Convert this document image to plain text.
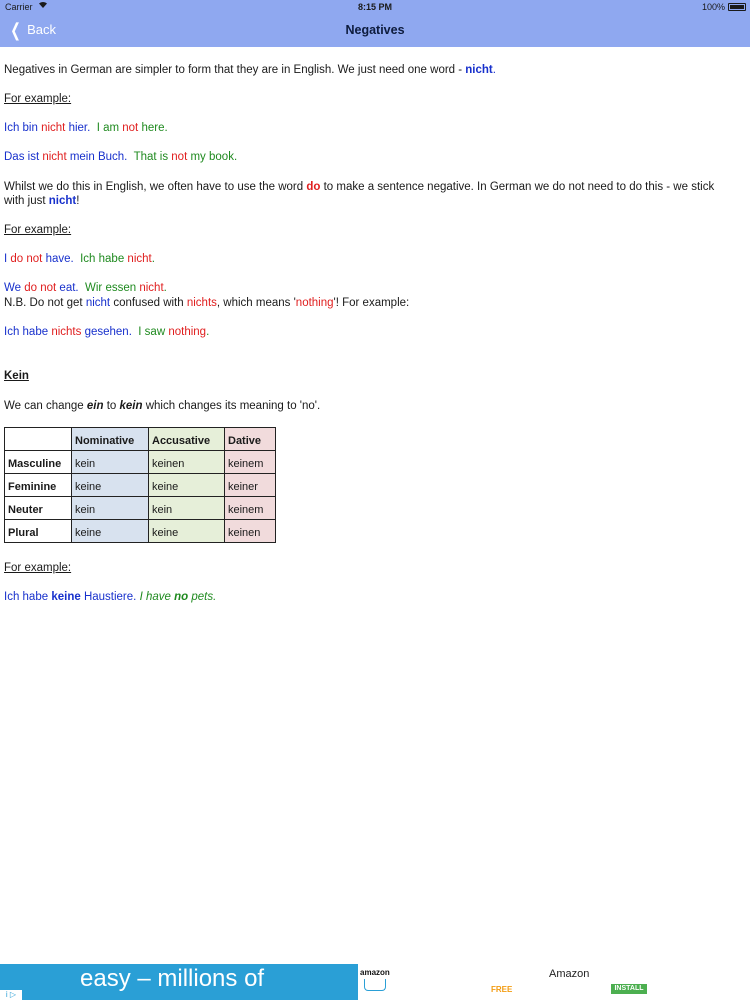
Carrier	8:15 PM	100%
❮ Back	Negatives

Negatives in German are simpler to form that they are in English. We just need one word - nicht.

For example:

Ich bin nicht hier. I am not here.

Das ist nicht mein Buch. That is not my book.

Whilst we do this in English, we often have to use the word do to make a sentence negative. In German we do not need to do this - we stick

with just nicht!

For example:

I do not have. Ich habe nicht.

We do not eat. Wir essen nicht.

N.B. Do not get nicht confused with nichts, which means 'nothing'! For example:

Ich habe nichts gesehen. I saw nothing.

Kein

We can change ein to kein which changes its meaning to 'no'.

For example:

Ich habe keine Haustiere. I have no pets.

	Nominative	Accusative	Dative
Masculine	kein	keinen	keinem
Feminine	keine	keine	keiner
Neuter	kein	kein	keinem
Plural	keine	keine	keinen
easy – millions of
i ▷
amazon	Amazon
FREE	INSTALL
